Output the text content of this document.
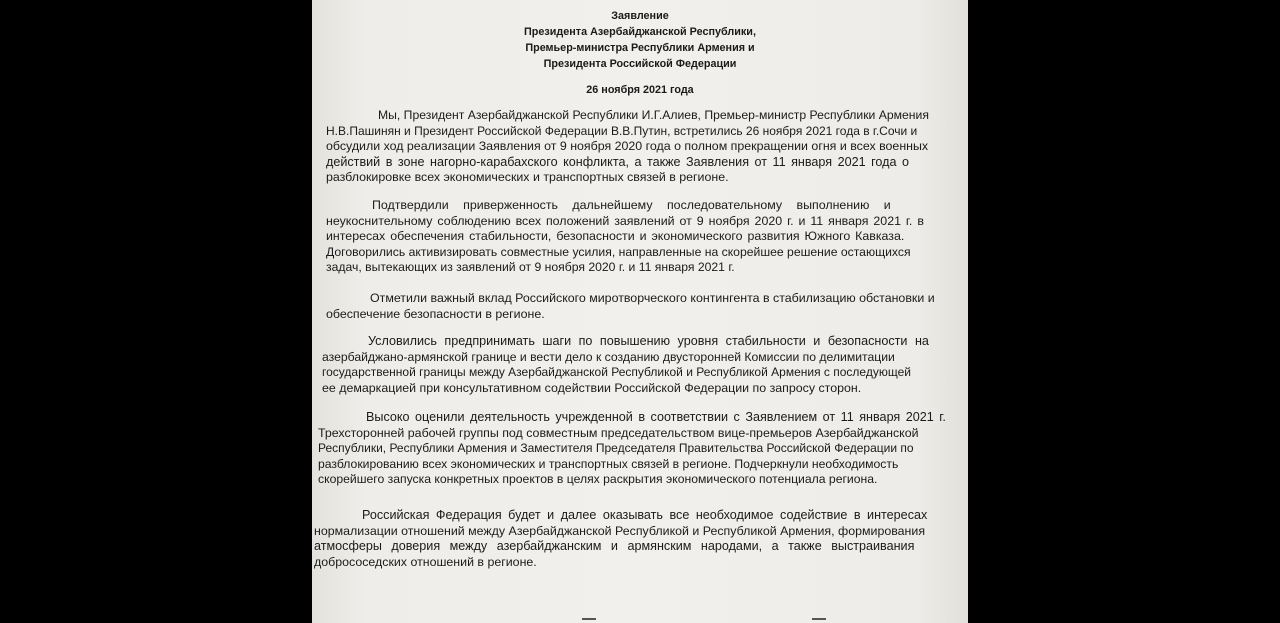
Заявление
Президента Азербайджанской Республики,
Премьер-министра Республики Армения и
Президента Российской Федерации
26 ноября 2021 года
Мы, Президент Азербайджанской Республики И.Г.Алиев, Премьер-министр Республики Армения
Н.В.Пашинян и Президент Российской Федерации В.В.Путин, встретились 26 ноября 2021 года в г.Сочи и
обсудили ход реализации Заявления от 9 ноября 2020 года о полном прекращении огня и всех военных
действий в зоне нагорно-карабахского конфликта, а также Заявления от 11 января 2021 года о
разблокировке всех экономических и транспортных связей в регионе.
Подтвердили приверженность дальнейшему последовательному выполнению и
неукоснительному соблюдению всех положений заявлений от 9 ноября 2020 г. и 11 января 2021 г. в
интересах обеспечения стабильности, безопасности и экономического развития Южного Кавказа.
Договорились активизировать совместные усилия, направленные на скорейшее решение остающихся
задач, вытекающих из заявлений от 9 ноября 2020 г. и 11 января 2021 г.
Отметили важный вклад Российского миротворческого контингента в стабилизацию обстановки и
обеспечение безопасности в регионе.
Условились предпринимать шаги по повышению уровня стабильности и безопасности на
азербайджано-армянской границе и вести дело к созданию двусторонней Комиссии по делимитации
государственной границы между Азербайджанской Республикой и Республикой Армения с последующей
ее демаркацией при консультативном содействии Российской Федерации по запросу сторон.
Высоко оценили деятельность учрежденной в соответствии с Заявлением от 11 января 2021 г.
Трехсторонней рабочей группы под совместным председательством вице-премьеров Азербайджанской
Республики, Республики Армения и Заместителя Председателя Правительства Российской Федерации по
разблокированию всех экономических и транспортных связей в регионе. Подчеркнули необходимость
скорейшего запуска конкретных проектов в целях раскрытия экономического потенциала региона.
Российская Федерация будет и далее оказывать все необходимое содействие в интересах
нормализации отношений между Азербайджанской Республикой и Республикой Армения, формирования
атмосферы доверия между азербайджанским и армянским народами, а также выстраивания
добрососедских отношений в регионе.
